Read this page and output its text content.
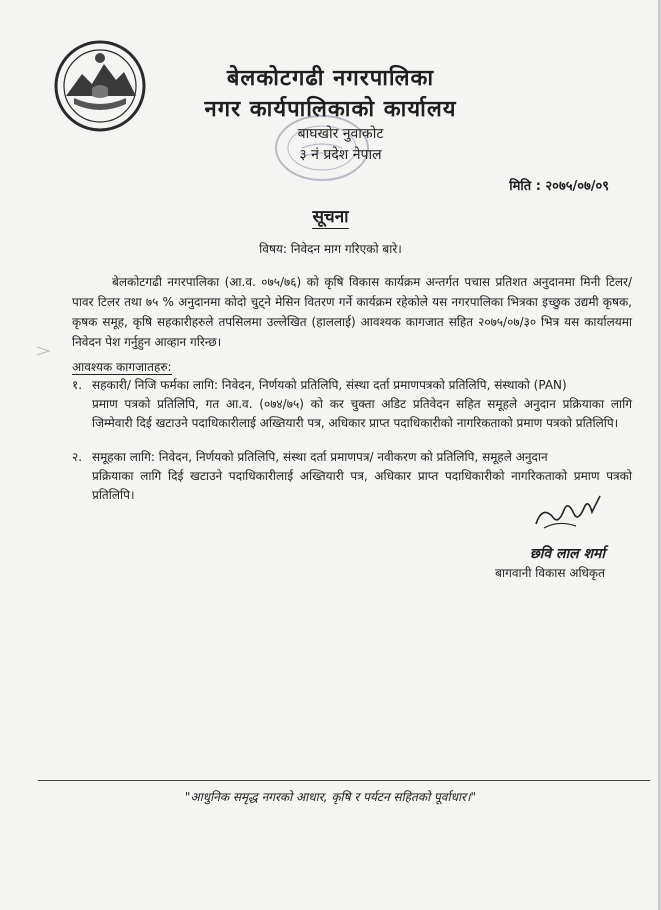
बेलकोटगढी नगरपालिका
नगर कार्यपालिकाको कार्यालय
बाघखोर नुवाकोट
३ नं प्रदेश नेपाल
मिति : २०७५/०७/०९
सूचना
विषय: निवेदन माग गरिएको बारे।
बेलकोटगढी नगरपालिका (आ.व. ०७५/७६) को कृषि विकास कार्यक्रम अन्तर्गत पचास प्रतिशत अनुदानमा मिनी टिलर/ पावर टिलर तथा ७५ % अनुदानमा कोदो चुट्ने मेसिन वितरण गर्ने कार्यक्रम रहेकोले यस नगरपालिका भित्रका इच्छुक उद्यमी कृषक, कृषक समूह, कृषि सहकारीहरुले तपसिलमा उल्लेखित (हाललाई) आवश्यक कागजात सहित २०७५/०७/३० भित्र यस कार्यालयमा निवेदन पेश गर्नुहुन आव्हान गरिन्छ।
आवश्यक कागजातहरु:
१. सहकारी/ निजि फर्मका लागि: निवेदन, निर्णयको प्रतिलिपि, संस्था दर्ता प्रमाणपत्रको प्रतिलिपि, संस्थाको (PAN)
प्रमाण पत्रको प्रतिलिपि, गत आ.व. (०७४/७५) को कर चुक्ता अडिट प्रतिवेदन सहित समूहले अनुदान प्रक्रियाका लागि जिम्मेवारी दिई खटाउने पदाधिकारीलाई अख्तियारी पत्र, अधिकार प्राप्त पदाधिकारीको नागरिकताको प्रमाण पत्रको प्रतिलिपि।
२. समूहका लागि: निवेदन, निर्णयको प्रतिलिपि, संस्था दर्ता प्रमाणपत्र/ नवीकरण को प्रतिलिपि, समूहले अनुदान
प्रक्रियाका लागि दिई खटाउने पदाधिकारीलाई अख्तियारी पत्र, अधिकार प्राप्त पदाधिकारीको नागरिकताको प्रमाण पत्रको प्रतिलिपि।
छवि लाल शर्मा
बागवानी विकास अधिकृत
"आधुनिक समृद्ध नगरको आधार, कृषि र पर्यटन सहितको पूर्वाधार।"
